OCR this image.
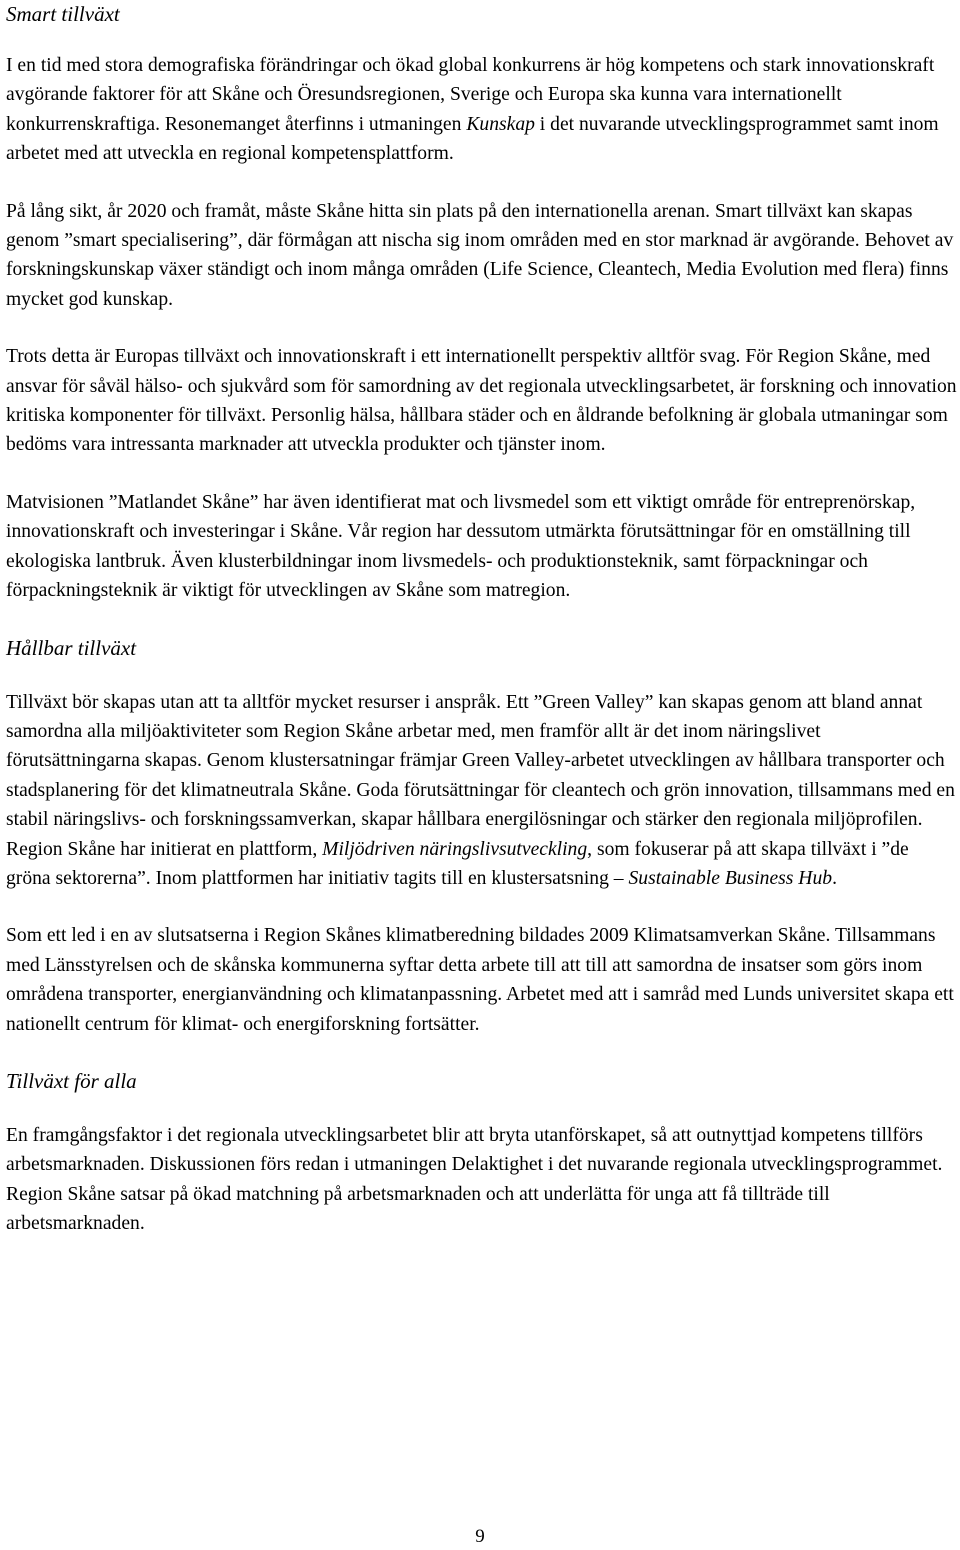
Smart tillväxt

I en tid med stora demografiska förändringar och ökad global konkurrens är hög kompetens och stark innovationskraft avgörande faktorer för att Skåne och Öresundsregionen, Sverige och Europa ska kunna vara internationellt konkurrenskraftiga. Resonemanget återfinns i utmaningen Kunskap i det nuvarande utvecklingsprogrammet samt inom arbetet med att utveckla en regional kompetensplattform.

På lång sikt, år 2020 och framåt, måste Skåne hitta sin plats på den internationella arenan. Smart tillväxt kan skapas genom ”smart specialisering”, där förmågan att nischa sig inom områden med en stor marknad är avgörande. Behovet av forskningskunskap växer ständigt och inom många områden (Life Science, Cleantech, Media Evolution med flera) finns mycket god kunskap.

Trots detta är Europas tillväxt och innovationskraft i ett internationellt perspektiv alltför svag. För Region Skåne, med ansvar för såväl hälso- och sjukvård som för samordning av det regionala utvecklingsarbetet, är forskning och innovation kritiska komponenter för tillväxt. Personlig hälsa, hållbara städer och en åldrande befolkning är globala utmaningar som bedöms vara intressanta marknader att utveckla produkter och tjänster inom.

Matvisionen ”Matlandet Skåne” har även identifierat mat och livsmedel som ett viktigt område för entreprenörskap, innovationskraft och investeringar i Skåne. Vår region har dessutom utmärkta förutsättningar för en omställning till ekologiska lantbruk. Även klusterbildningar inom livsmedels- och produktionsteknik, samt förpackningar och förpackningsteknik är viktigt för utvecklingen av Skåne som matregion.

Hållbar tillväxt

Tillväxt bör skapas utan att ta alltför mycket resurser i anspråk. Ett ”Green Valley” kan skapas genom att bland annat samordna alla miljöaktiviteter som Region Skåne arbetar med, men framför allt är det inom näringslivet förutsättningarna skapas. Genom klustersatningar främjar Green Valley-arbetet utvecklingen av hållbara transporter och stadsplanering för det klimatneutrala Skåne. Goda förutsättningar för cleantech och grön innovation, tillsammans med en stabil näringslivs- och forskningssamverkan, skapar hållbara energilösningar och stärker den regionala miljöprofilen. Region Skåne har initierat en plattform, Miljödriven näringslivsutveckling, som fokuserar på att skapa tillväxt i ”de gröna sektorerna”. Inom plattformen har initiativ tagits till en klustersatsning – Sustainable Business Hub.

Som ett led i en av slutsatserna i Region Skånes klimatberedning bildades 2009 Klimatsamverkan Skåne. Tillsammans med Länsstyrelsen och de skånska kommunerna syftar detta arbete till att till att samordna de insatser som görs inom områdena transporter, energianvändning och klimatanpassning. Arbetet med att i samråd med Lunds universitet skapa ett nationellt centrum för klimat- och energiforskning fortsätter.

Tillväxt för alla

En framgångsfaktor i det regionala utvecklingsarbetet blir att bryta utanförskapet, så att outnyttjad kompetens tillförs arbetsmarknaden. Diskussionen förs redan i utmaningen Delaktighet i det nuvarande regionala utvecklingsprogrammet. Region Skåne satsar på ökad matchning på arbetsmarknaden och att underlätta för unga att få tillträde till arbetsmarknaden.

9
